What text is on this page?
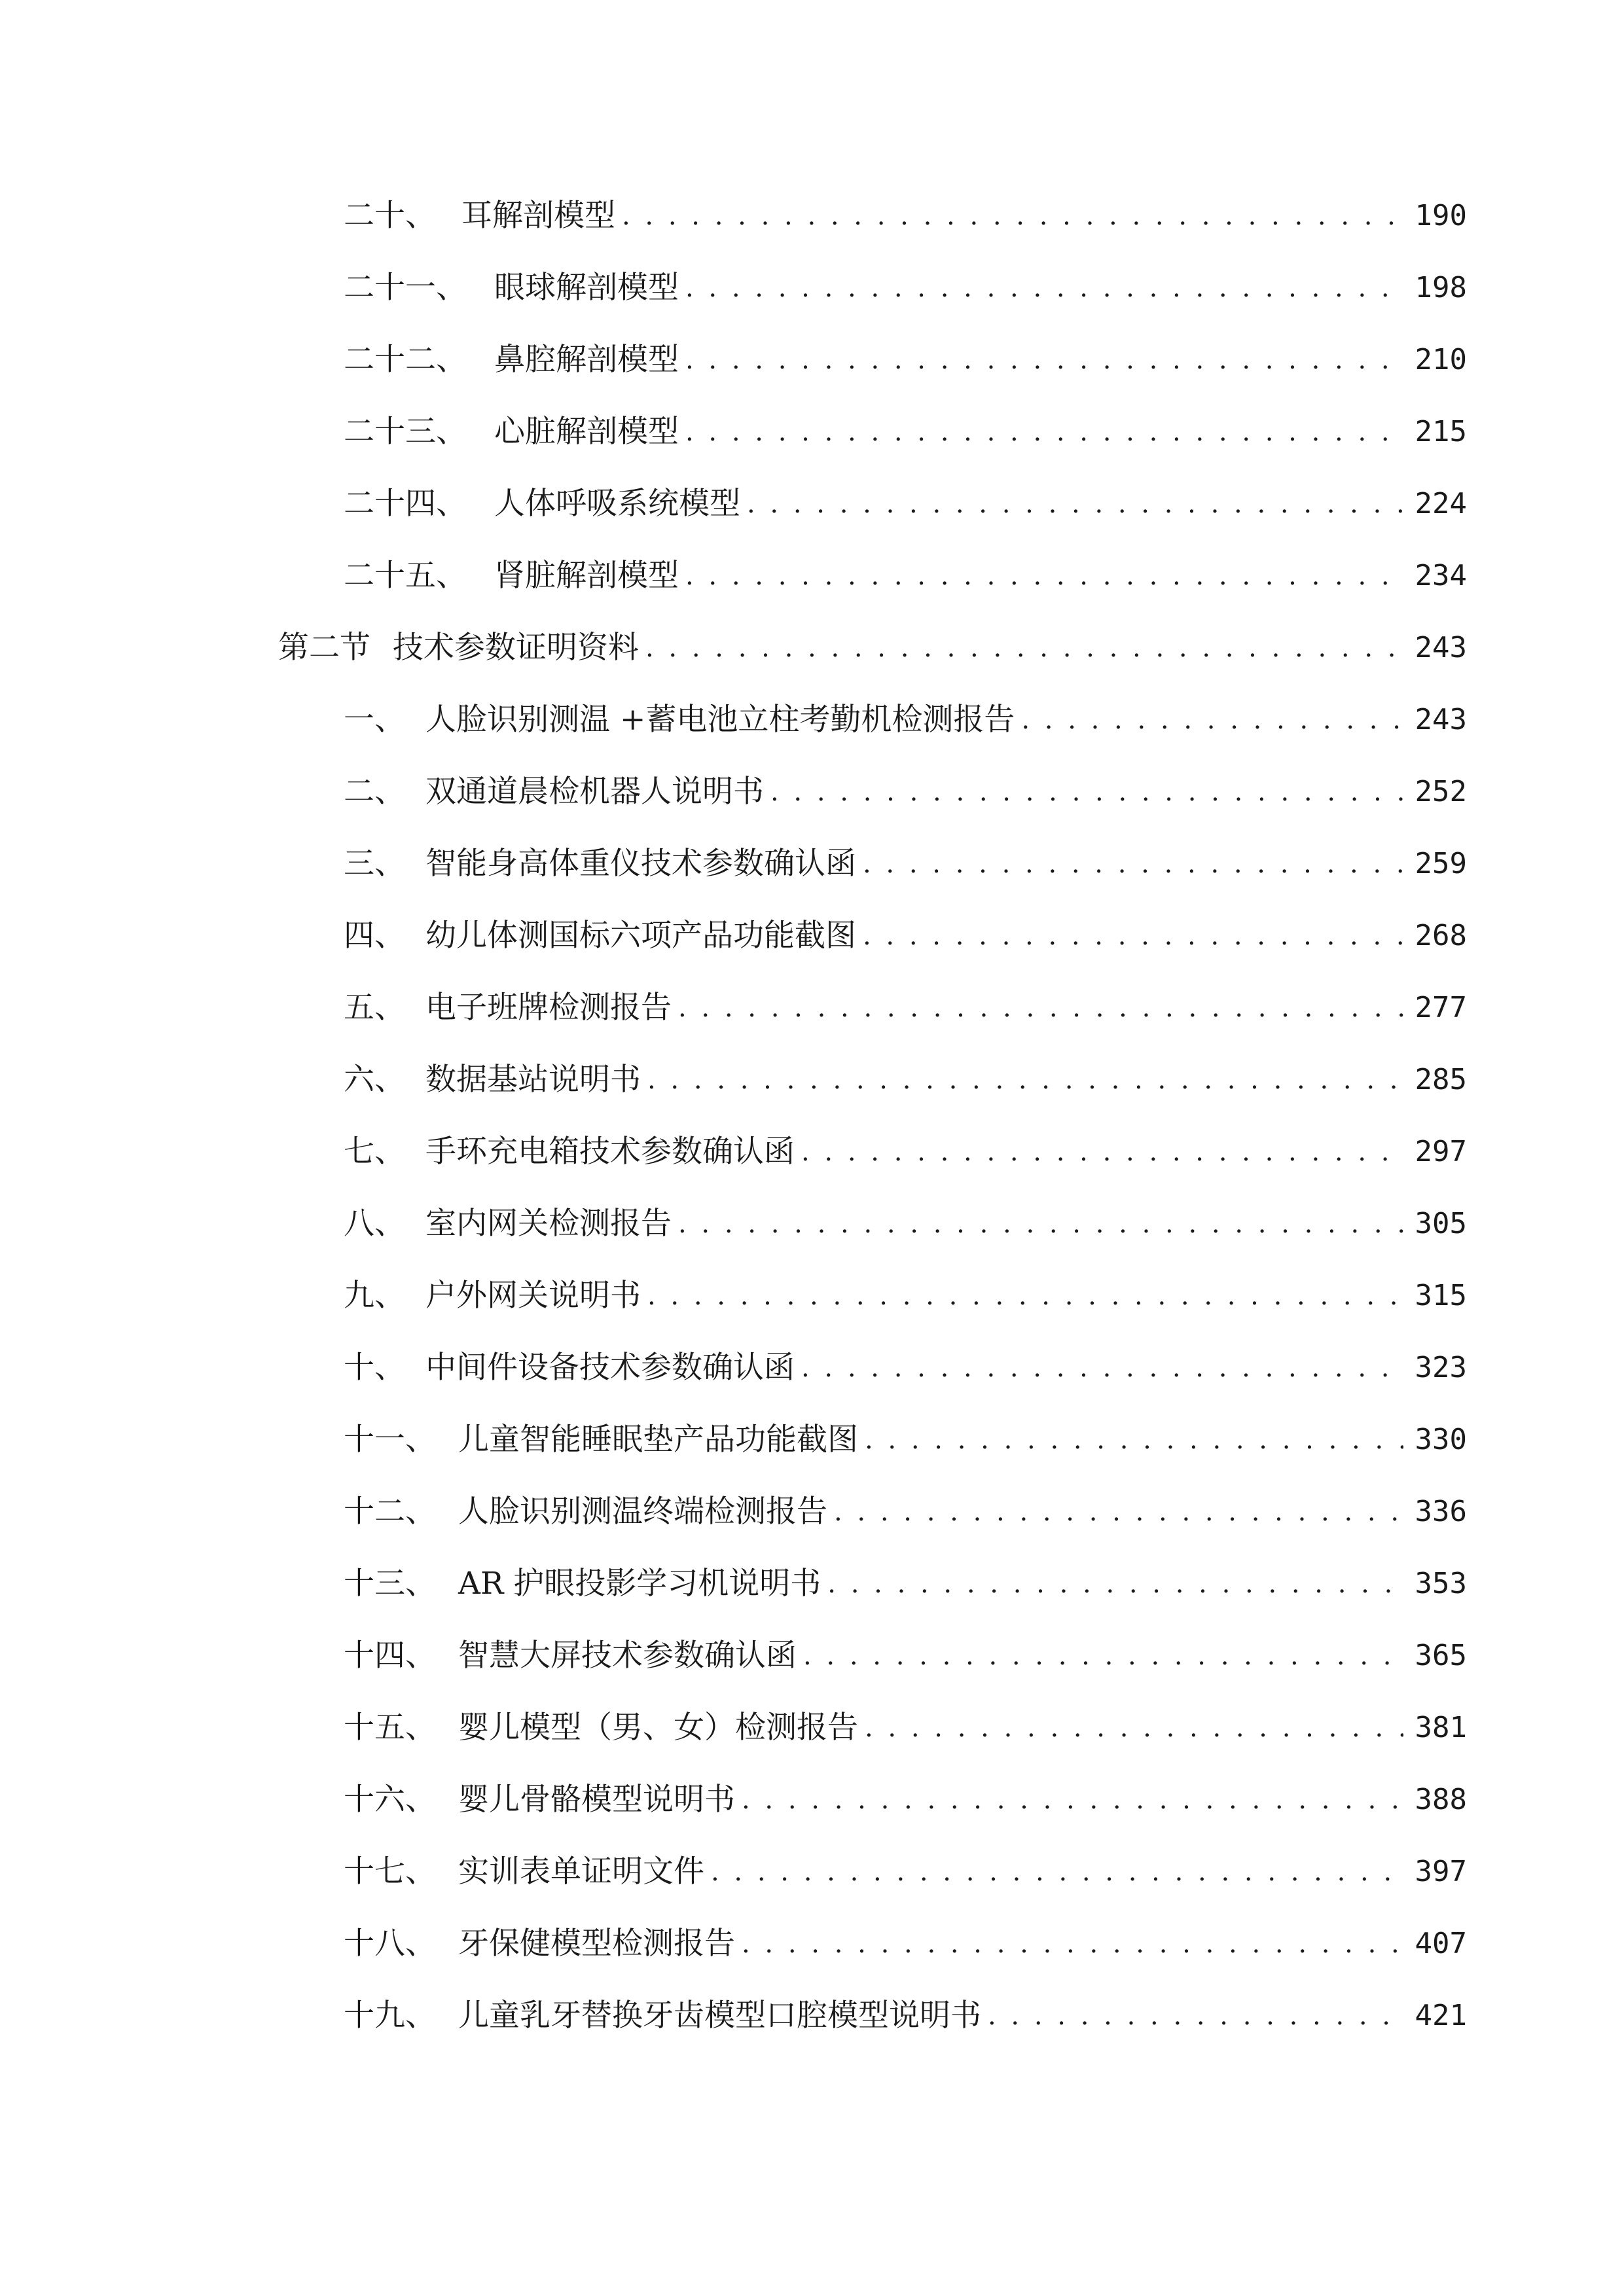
二十、 耳解剖模型 . . .	190
二十一、 眼球解剖模型 . . .	198
二十二、 鼻腔解剖模型 . . .	210
二十三、 心脏解剖模型 . . .	215
二十四、 人体呼吸系统模型 . . .	224
二十五、 肾脏解剖模型 . . .	234
第二节 技术参数证明资料 . . .	243
一、 人脸识别测温 +蓄电池立柱考勤机检测报告 . . .	243
二、 双通道晨检机器人说明书 . . .	252
三、 智能身高体重仪技术参数确认函 . . .	259
四、 幼儿体测国标六项产品功能截图 . . .	268
五、 电子班牌检测报告 . . .	277
六、 数据基站说明书 . . .	285
七、 手环充电箱技术参数确认函 . . .	297
八、 室内网关检测报告 . . .	305
九、 户外网关说明书 . . .	315
十、 中间件设备技术参数确认函 . . .	323
十一、 儿童智能睡眠垫产品功能截图 . . .	330
十二、 人脸识别测温终端检测报告 . . .	336
十三、 AR 护眼投影学习机说明书 . . .	353
十四、 智慧大屏技术参数确认函 . . .	365
十五、 婴儿模型（男、女）检测报告 . . .	381
十六、 婴儿骨骼模型说明书 . . .	388
十七、 实训表单证明文件 . . .	397
十八、 牙保健模型检测报告 . . .	407
十九、 儿童乳牙替换牙齿模型口腔模型说明书 . . .	421
